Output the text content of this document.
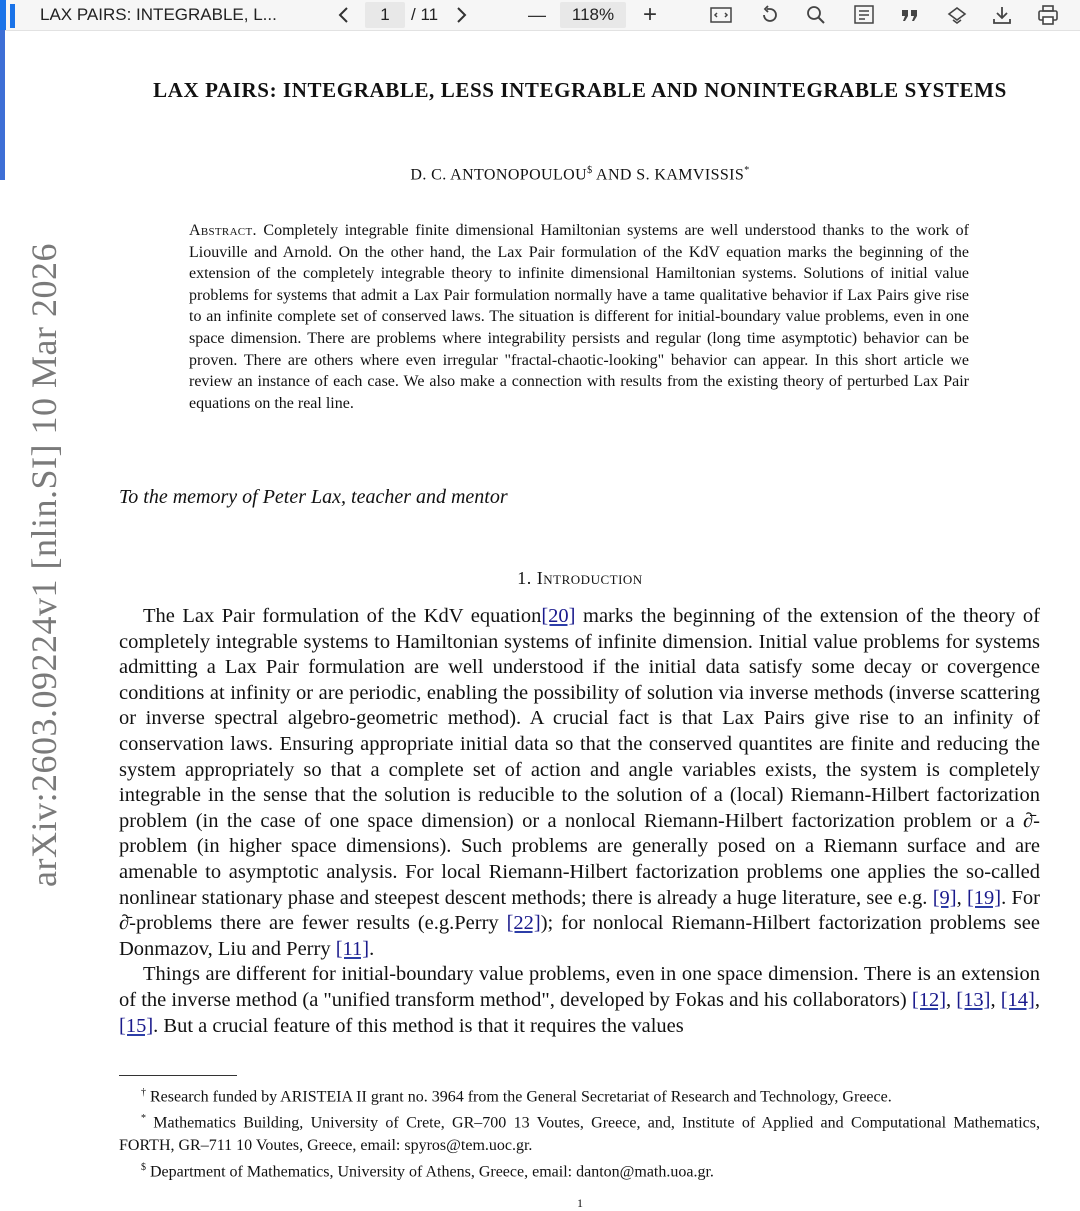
LAX PAIRS: INTEGRABLE, L...	1	/ 11	—	118%	+
arXiv:2603.09224v1 [nlin.SI] 10 Mar 2026
LAX PAIRS: INTEGRABLE, LESS INTEGRABLE AND NONINTEGRABLE SYSTEMS
D. C. ANTONOPOULOU$ AND S. KAMVISSIS*
Abstract. Completely integrable finite dimensional Hamiltonian systems are well understood thanks to the work of Liouville and Arnold. On the other hand, the Lax Pair formulation of the KdV equation marks the beginning of the extension of the completely integrable theory to infinite dimensional Hamiltonian systems. Solutions of initial value problems for systems that admit a Lax Pair formulation normally have a tame qualitative behavior if Lax Pairs give rise to an infinite complete set of conserved laws. The situation is different for initial-boundary value problems, even in one space dimension. There are problems where integrability persists and regular (long time asymptotic) behavior can be proven. There are others where even irregular "fractal-chaotic-looking" behavior can appear. In this short article we review an instance of each case. We also make a connection with results from the existing theory of perturbed Lax Pair equations on the real line.
To the memory of Peter Lax, teacher and mentor
1. Introduction

The Lax Pair formulation of the KdV equation[20] marks the beginning of the extension of the theory of completely integrable systems to Hamiltonian systems of infinite dimension. Initial value problems for systems admitting a Lax Pair formulation are well understood if the initial data satisfy some decay or covergence conditions at infinity or are periodic, enabling the possibility of solution via inverse methods (inverse scattering or inverse spectral algebro-geometric method). A crucial fact is that Lax Pairs give rise to an infinity of conservation laws. Ensuring appropriate initial data so that the conserved quantites are finite and reducing the system appropriately so that a complete set of action and angle variables exists, the system is completely integrable in the sense that the solution is reducible to the solution of a (local) Riemann-Hilbert factorization problem (in the case of one space dimension) or a nonlocal Riemann-Hilbert factorization problem or a ∂̄-problem (in higher space dimensions). Such problems are generally posed on a Riemann surface and are amenable to asymptotic analysis. For local Riemann-Hilbert factorization problems one applies the so-called nonlinear stationary phase and steepest descent methods; there is already a huge literature, see e.g. [9], [19]. For ∂̄-problems there are fewer results (e.g.Perry [22]); for nonlocal Riemann-Hilbert factorization problems see Donmazov, Liu and Perry [11].

Things are different for initial-boundary value problems, even in one space dimension. There is an extension of the inverse method (a "unified transform method", developed by Fokas and his collaborators) [12], [13], [14], [15]. But a crucial feature of this method is that it requires the values

† Research funded by ARISTEIA II grant no. 3964 from the General Secretariat of Research and Technology, Greece.

* Mathematics Building, University of Crete, GR–700 13 Voutes, Greece, and, Institute of Applied and Computational Mathematics, FORTH, GR–711 10 Voutes, Greece, email: spyros@tem.uoc.gr.

$ Department of Mathematics, University of Athens, Greece, email: danton@math.uoa.gr.

1
